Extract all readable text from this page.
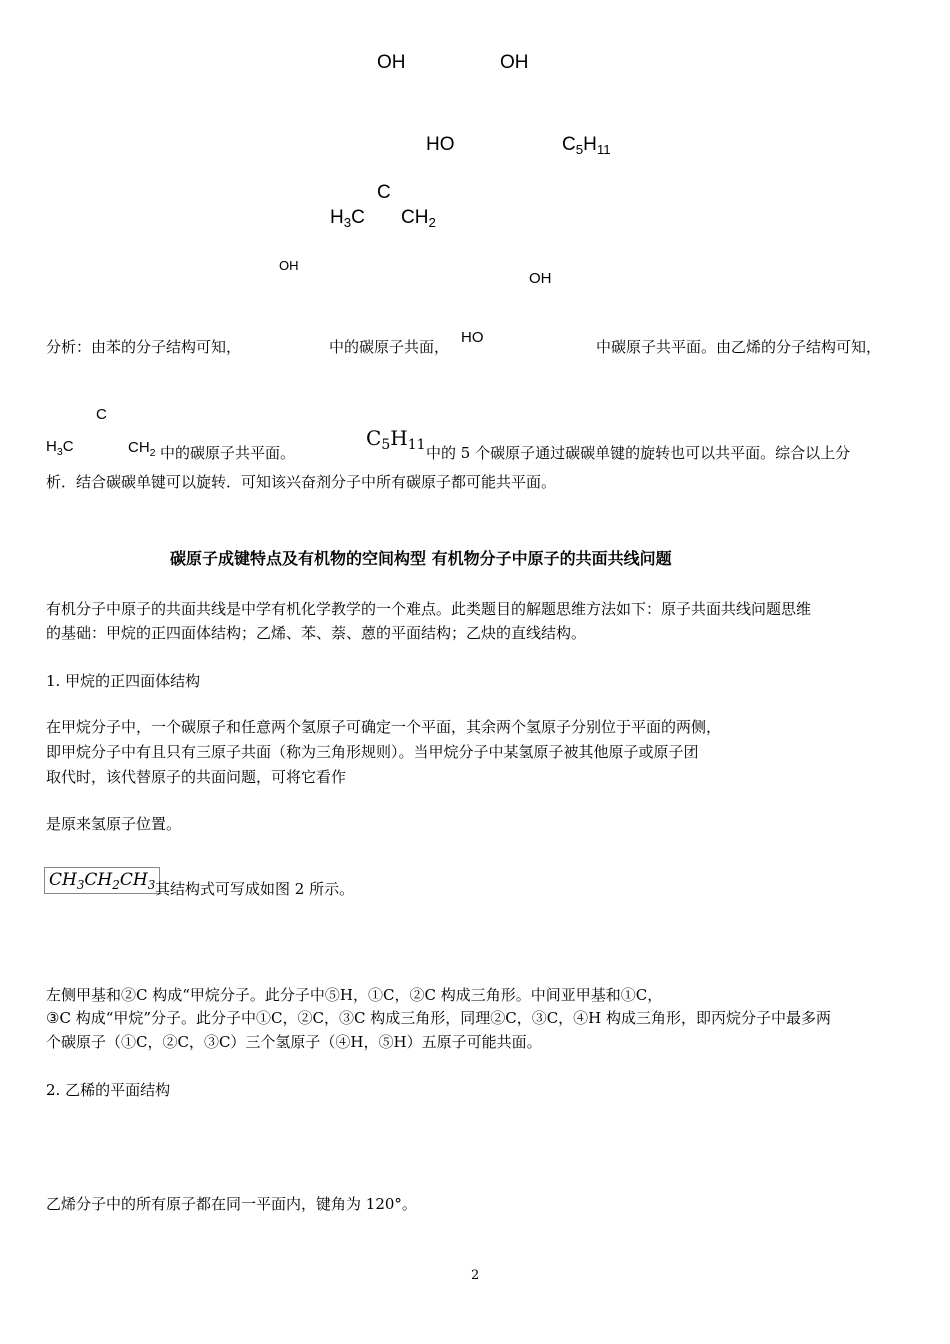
OH	OH
HO	$C_5H_{11}$
C
$H_3C$ $CH_2$
OH
OH
分析：由苯的分子结构可知，	中的碳原子共面，
HO
中碳原子共平面。由乙烯的分子结构可知，
C
$H_3C$	$CH_2$ 中的碳原子共平面。
$C_5H_{11}$ 中的 5 个碳原子通过碳碳单键的旋转也可以共平面。综合以上分
析．结合碳碳单键可以旋转．可知该兴奋剂分子中所有碳原子都可能共平面。
碳原子成键特点及有机物的空间构型 有机物分子中原子的共面共线问题
有机分子中原子的共面共线是中学有机化学教学的一个难点。此类题目的解题思维方法如下：原子共面共线问题思维
的基础：甲烷的正四面体结构；乙烯、苯、萘、蒽的平面结构；乙炔的直线结构。
1. 甲烷的正四面体结构
在甲烷分子中，一个碳原子和任意两个氢原子可确定一个平面，其余两个氢原子分别位于平面的两侧，
即甲烷分子中有且只有三原子共面（称为三角形规则）。当甲烷分子中某氢原子被其他原子或原子团
取代时，该代替原子的共面问题，可将它看作
是原来氢原子位置。
$CH_3CH_2CH_3$ 其结构式可写成如图 2 所示。
左侧甲基和②C 构成“甲烷分子。此分子中⑤H，①C，②C 构成三角形。中间亚甲基和①C，
③C 构成“甲烷”分子。此分子中①C，②C，③C 构成三角形，同理②C，③C，④H 构成三角形，即丙烷分子中最多两
个碳原子（①C，②C，③C）三个氢原子（④H，⑤H）五原子可能共面。
2. 乙稀的平面结构
乙烯分子中的所有原子都在同一平面内，键角为 120°。
2
